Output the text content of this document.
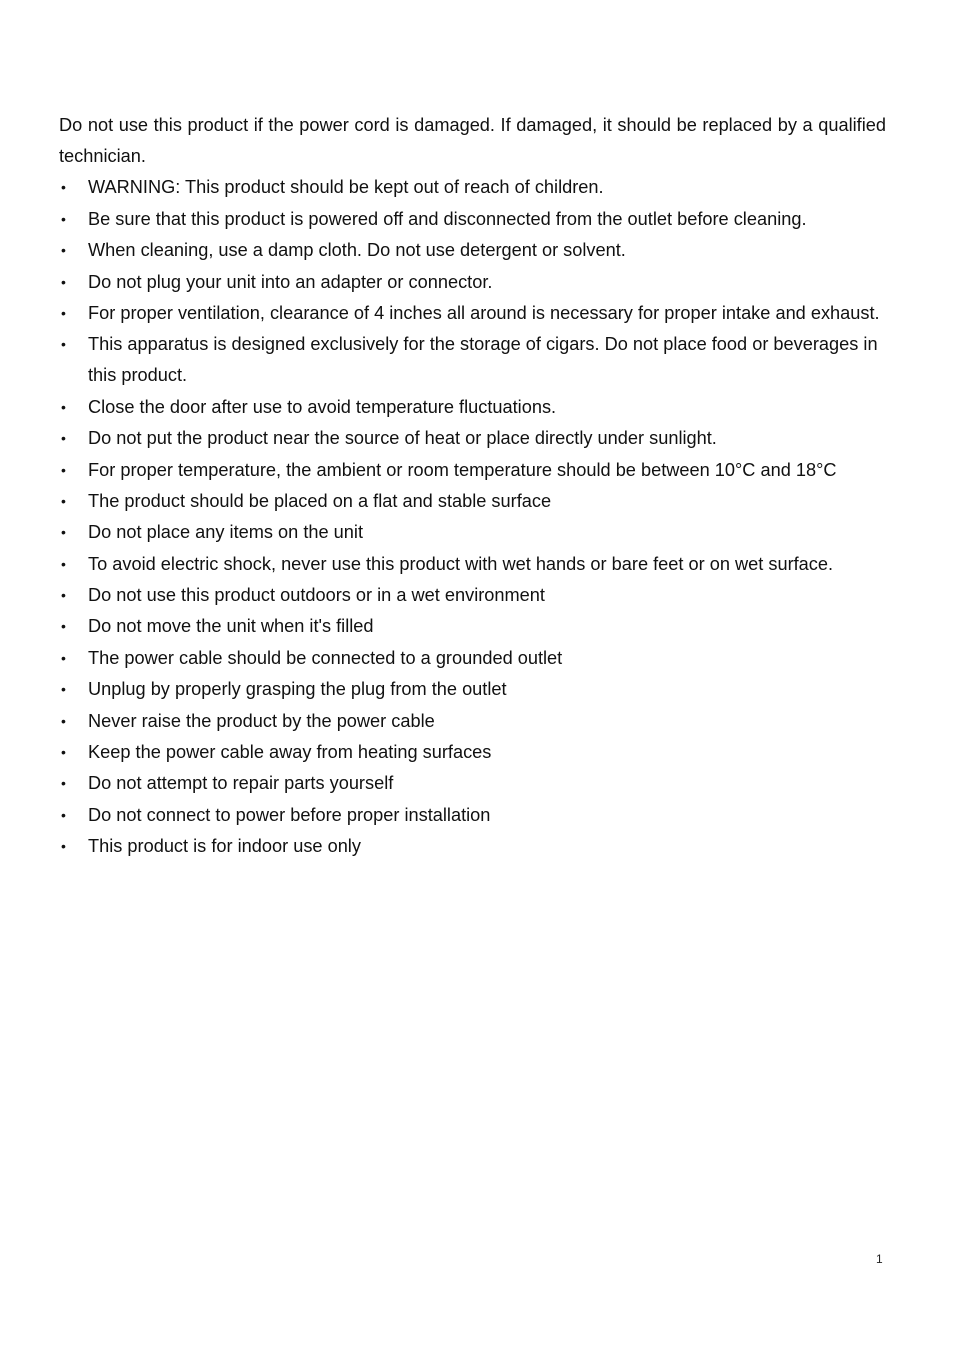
Do not use this product if the power cord is damaged. If damaged, it should be replaced by a qualified technician.

• WARNING: This product should be kept out of reach of children.
• Be sure that this product is powered off and disconnected from the outlet before cleaning.
• When cleaning, use a damp cloth. Do not use detergent or solvent.
• Do not plug your unit into an adapter or connector.
• For proper ventilation, clearance of 4 inches all around is necessary for proper intake and exhaust.
• This apparatus is designed exclusively for the storage of cigars. Do not place food or beverages in this product.
• Close the door after use to avoid temperature fluctuations.
• Do not put the product near the source of heat or place directly under sunlight.
• For proper temperature, the ambient or room temperature should be between 10°C and 18°C
• The product should be placed on a flat and stable surface
• Do not place any items on the unit
• To avoid electric shock, never use this product with wet hands or bare feet or on wet surface.
• Do not use this product outdoors or in a wet environment
• Do not move the unit when it's filled
• The power cable should be connected to a grounded outlet
• Unplug by properly grasping the plug from the outlet
• Never raise the product by the power cable
• Keep the power cable away from heating surfaces
• Do not attempt to repair parts yourself
• Do not connect to power before proper installation
• This product is for indoor use only
1
